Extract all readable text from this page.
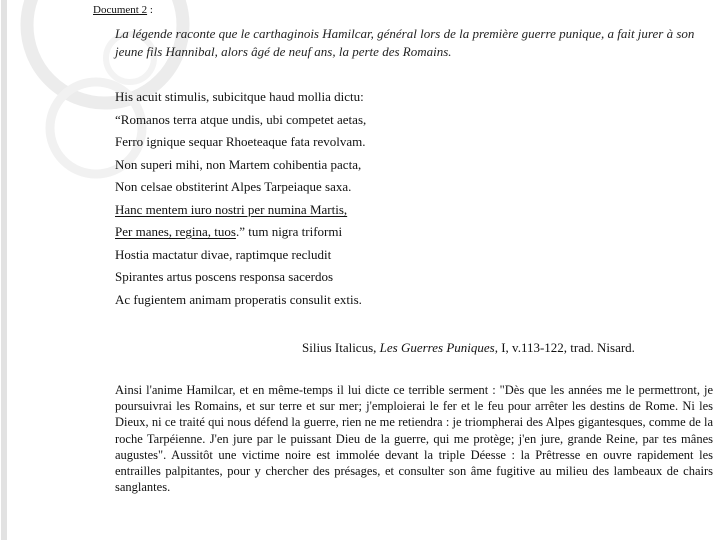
Document 2 :
La légende raconte que le carthaginois Hamilcar, général lors de la première guerre punique, a fait jurer à son jeune fils Hannibal, alors âgé de neuf ans, la perte des Romains.
His acuit stimulis, subicitque haud mollia dictu:
“Romanos terra atque undis, ubi competet aetas,
Ferro ignique sequar Rhoeteaque fata revolvam.
Non superi mihi, non Martem cohibentia pacta,
Non celsae obstiterint Alpes Tarpeiaque saxa.
Hanc mentem iuro nostri per numina Martis,
Per manes, regina, tuos.” tum nigra triformi
Hostia mactatur divae, raptimque recludit
Spirantes artus poscens responsa sacerdos
Ac fugientem animam properatis consulit extis.
Silius Italicus, Les Guerres Puniques, I, v.113-122, trad. Nisard.
Ainsi l'anime Hamilcar, et en même-temps il lui dicte ce terrible serment : "Dès que les années me le permettront, je poursuivrai les Romains, et sur terre et sur mer; j'emploierai le fer et le feu pour arrêter les destins de Rome. Ni les Dieux, ni ce traité qui nous défend la guerre, rien ne me retiendra : je triompherai des Alpes gigantesques, comme de la roche Tarpéienne. J'en jure par le puissant Dieu de la guerre, qui me protège; j'en jure, grande Reine, par tes mânes augustes". Aussitôt une victime noire est immolée devant la triple Déesse : la Prêtresse en ouvre rapidement les entrailles palpitantes, pour y chercher des présages, et consulter son âme fugitive au milieu des lambeaux de chairs sanglantes.
